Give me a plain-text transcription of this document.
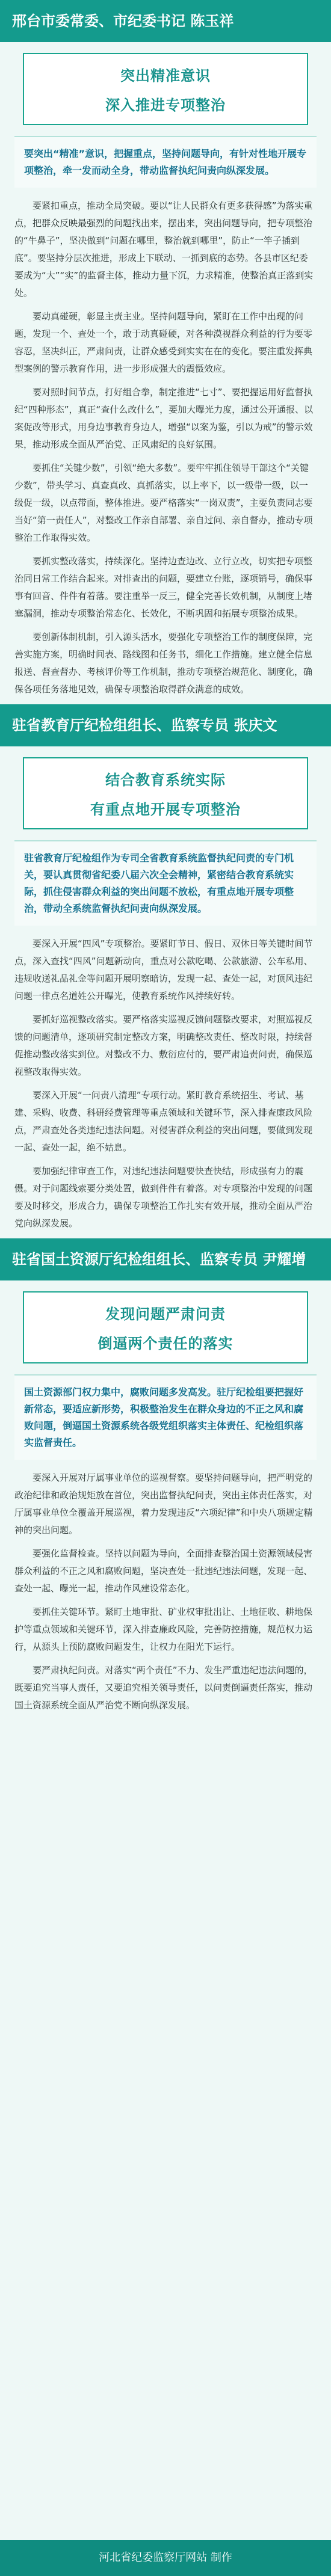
邢台市委常委、市纪委书记 陈玉祥
突出精准意识
深入推进专项整治
要突出“精准”意识，把握重点，坚持问题导向，有针对性地开展专项整治，牵一发而动全身，带动监督执纪问责向纵深发展。

要紧扣重点，推动全局突破。要以“让人民群众有更多获得感”为落实重点，把群众反映最强烈的问题找出来，摆出来，突出问题导向，把专项整治的“牛鼻子”，坚决做到“问题在哪里，整治就到哪里”，防止“一竿子插到底”。要坚持分层次推进，形成上下联动、一抓到底的态势。各县市区纪委要成为“大”“实”的监督主体，推动力量下沉，力求精准，使整治真正落到实处。

要动真碰硬，彰显主责主业。坚持问题导向，紧盯在工作中出现的问题，发现一个、查处一个，敢于动真碰硬，对各种漠视群众利益的行为要零容忍，坚决纠正，严肃问责，让群众感受到实实在在的变化。要注重发挥典型案例的警示教育作用，进一步形成强大的震慑效应。

要对照时间节点，打好组合拳，制定推进“七寸”、要把握运用好监督执纪“四种形态”，真正“查什么改什么”，要加大曝光力度，通过公开通报、以案促改等形式，用身边事教育身边人，增强“以案为鉴，引以为戒”的警示效果，推动形成全面从严治党、正风肃纪的良好氛围。

要抓住“关键少数”，引领“绝大多数”。要牢牢抓住领导干部这个“关键少数”，带头学习、真查真改、真抓落实，以上率下，以一级带一级，以一级促一级，以点带面，整体推进。要严格落实“一岗双责”，主要负责同志要当好“第一责任人”，对整改工作亲自部署、亲自过问、亲自督办，推动专项整治工作取得实效。

要抓实整改落实，持续深化。坚持边查边改、立行立改，切实把专项整治同日常工作结合起来。对排查出的问题，要建立台账，逐项销号，确保事事有回音、件件有着落。要注重举一反三，健全完善长效机制，从制度上堵塞漏洞，推动专项整治常态化、长效化，不断巩固和拓展专项整治成果。

要创新体制机制，引入源头活水，要强化专项整治工作的制度保障，完善实施方案，明确时间表、路线图和任务书，细化工作措施。建立健全信息报送、督查督办、考核评价等工作机制，推动专项整治规范化、制度化，确保各项任务落地见效，确保专项整治取得群众满意的成效。

驻省教育厅纪检组组长、监察专员 张庆文
结合教育系统实际
有重点地开展专项整治
驻省教育厅纪检组作为专司全省教育系统监督执纪问责的专门机关，要认真贯彻省纪委八届六次全会精神，紧密结合教育系统实际，抓住侵害群众利益的突出问题不放松，有重点地开展专项整治，带动全系统监督执纪问责向纵深发展。

要深入开展“四风”专项整治。要紧盯节日、假日、双休日等关键时间节点，深入查找“四风”问题新动向，重点对公款吃喝、公款旅游、公车私用、违规收送礼品礼金等问题开展明察暗访，发现一起、查处一起，对顶风违纪问题一律点名道姓公开曝光，使教育系统作风持续好转。

要抓好巡视整改落实。要严格落实巡视反馈问题整改要求，对照巡视反馈的问题清单，逐项研究制定整改方案，明确整改责任、整改时限，持续督促推动整改落实到位。对整改不力、敷衍应付的，要严肃追责问责，确保巡视整改取得实效。

要深入开展“一问责八清理”专项行动。紧盯教育系统招生、考试、基建、采购、收费、科研经费管理等重点领域和关键环节，深入排查廉政风险点，严肃查处各类违纪违法问题。对侵害群众利益的突出问题，要做到发现一起、查处一起，绝不姑息。

要加强纪律审查工作，对违纪违法问题要快查快结，形成强有力的震慑。对于问题线索要分类处置，做到件件有着落。对专项整治中发现的问题要及时移交，形成合力，确保专项整治工作扎实有效开展，推动全面从严治党向纵深发展。

驻省国土资源厅纪检组组长、监察专员 尹耀增
发现问题严肃问责
倒逼两个责任的落实
国土资源部门权力集中，腐败问题多发高发。驻厅纪检组要把握好新常态，要适应新形势，积极整治发生在群众身边的不正之风和腐败问题，倒逼国土资源系统各级党组织落实主体责任、纪检组织落实监督责任。

要深入开展对厅属事业单位的巡视督察。要坚持问题导向，把严明党的政治纪律和政治规矩放在首位，突出监督执纪问责，突出主体责任落实，对厅属事业单位全覆盖开展巡视，着力发现违反“六项纪律”和中央八项规定精神的突出问题。

要强化监督检查。坚持以问题为导向，全面排查整治国土资源领域侵害群众利益的不正之风和腐败问题，坚决查处一批违纪违法问题，发现一起、查处一起、曝光一起，推动作风建设常态化。

要抓住关键环节。紧盯土地审批、矿业权审批出让、土地征收、耕地保护等重点领域和关键环节，深入排查廉政风险，完善防控措施，规范权力运行，从源头上预防腐败问题发生，让权力在阳光下运行。

要严肃执纪问责。对落实“两个责任”不力、发生严重违纪违法问题的，既要追究当事人责任，又要追究相关领导责任，以问责倒逼责任落实，推动国土资源系统全面从严治党不断向纵深发展。

河北省纪委监察厅网站 制作
